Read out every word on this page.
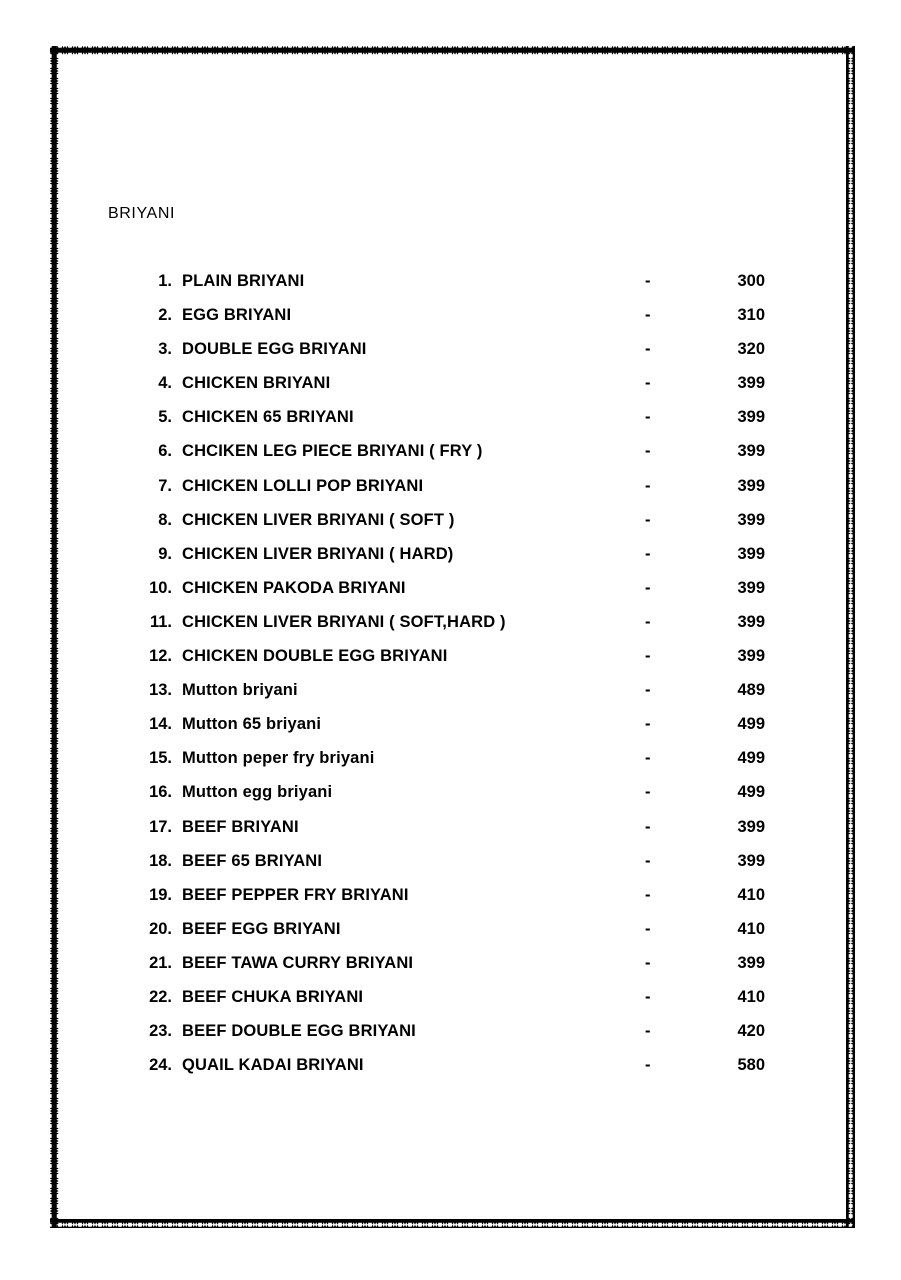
BRIYANI
1. PLAIN BRIYANI	-	300
2. EGG BRIYANI	-	310
3. DOUBLE EGG BRIYANI	-	320
4. CHICKEN BRIYANI	-	399
5. CHICKEN 65 BRIYANI	-	399
6. CHCIKEN LEG PIECE BRIYANI ( FRY )	-	399
7. CHICKEN LOLLI POP BRIYANI	-	399
8. CHICKEN LIVER BRIYANI ( SOFT )	-	399
9. CHICKEN LIVER BRIYANI ( HARD)	-	399
10. CHICKEN PAKODA BRIYANI	-	399
11. CHICKEN LIVER BRIYANI ( SOFT,HARD )	-	399
12. CHICKEN DOUBLE EGG BRIYANI	-	399
13. Mutton briyani	-	489
14. Mutton 65 briyani	-	499
15. Mutton peper fry briyani	-	499
16. Mutton egg briyani	-	499
17. BEEF BRIYANI	-	399
18. BEEF 65 BRIYANI	-	399
19. BEEF PEPPER FRY BRIYANI	-	410
20. BEEF EGG BRIYANI	-	410
21. BEEF TAWA CURRY BRIYANI	-	399
22. BEEF CHUKA BRIYANI	-	410
23. BEEF DOUBLE EGG BRIYANI	-	420
24. QUAIL KADAI BRIYANI	-	580
